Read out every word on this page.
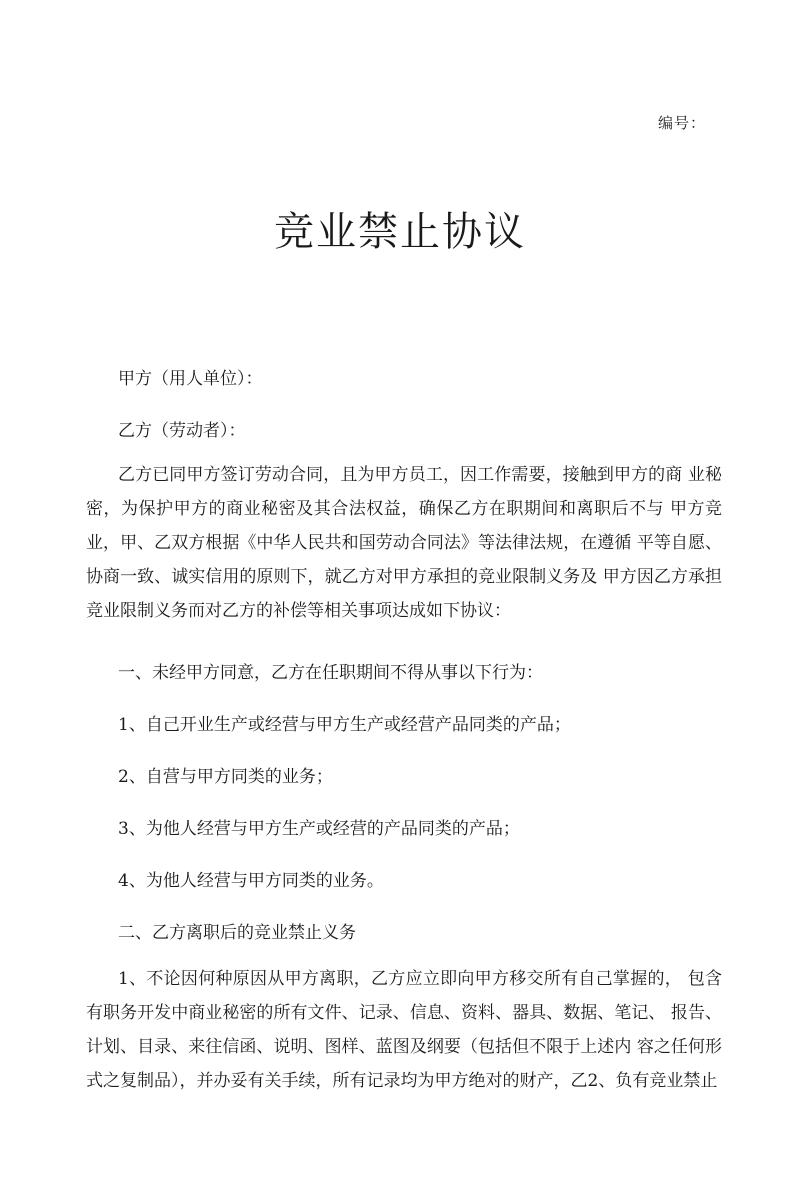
编号：
竞业禁止协议
甲方（用人单位）：
乙方（劳动者）：

乙方已同甲方签订劳动合同，且为甲方员工，因工作需要，接触到甲方的商 业秘密，为保护甲方的商业秘密及其合法权益，确保乙方在职期间和离职后不与 甲方竞业，甲、乙双方根据《中华人民共和国劳动合同法》等法律法规，在遵循 平等自愿、协商一致、诚实信用的原则下，就乙方对甲方承担的竞业限制义务及 甲方因乙方承担竞业限制义务而对乙方的补偿等相关事项达成如下协议：

一、未经甲方同意，乙方在任职期间不得从事以下行为：
1、自己开业生产或经营与甲方生产或经营产品同类的产品；
2、自营与甲方同类的业务；
3、为他人经营与甲方生产或经营的产品同类的产品；
4、为他人经营与甲方同类的业务。
二、乙方离职后的竞业禁止义务

1、不论因何种原因从甲方离职，乙方应立即向甲方移交所有自己掌握的， 包含有职务开发中商业秘密的所有文件、记录、信息、资料、器具、数据、笔记、 报告、计划、目录、来往信函、说明、图样、蓝图及纲要（包括但不限于上述内 容之任何形式之复制品），并办妥有关手续，所有记录均为甲方绝对的财产，乙2、负有竞业禁止
